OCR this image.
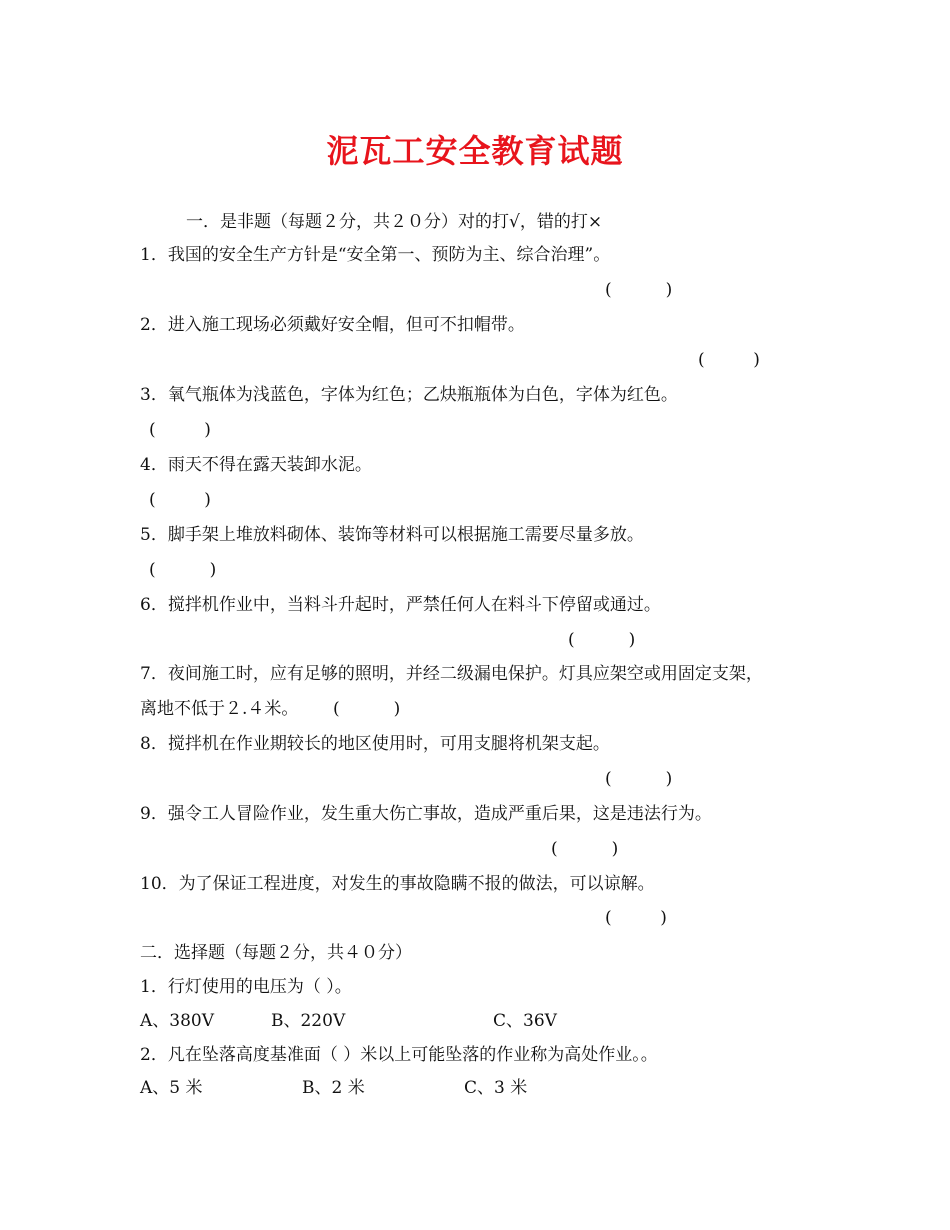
泥瓦工安全教育试题
一．是非题（每题２分，共２０分）对的打√，错的打×
1．我国的安全生产方针是“安全第一、预防为主、综合治理”。
(          )
2．进入施工现场必须戴好安全帽，但可不扣帽带。
(         )
3．氧气瓶体为浅蓝色，字体为红色；乙炔瓶瓶体为白色，字体为红色。
(         )
4．雨天不得在露天装卸水泥。
(         )
5．脚手架上堆放料砌体、装饰等材料可以根据施工需要尽量多放。
(          )
6．搅拌机作业中，当料斗升起时，严禁任何人在料斗下停留或通过。
(          )
7．夜间施工时，应有足够的照明，并经二级漏电保护。灯具应架空或用固定支架，
离地不低于２.４米。 (          )
8．搅拌机在作业期较长的地区使用时，可用支腿将机架支起。
(          )
9．强令工人冒险作业，发生重大伤亡事故，造成严重后果，这是违法行为。
(          )
10．为了保证工程进度，对发生的事故隐瞒不报的做法，可以谅解。
(         )
二．选择题（每题２分，共４０分）
1．行灯使用的电压为（ ）。
A、380V	B、220V	C、36V
2．凡在坠落高度基准面（ ）米以上可能坠落的作业称为高处作业。。
A、5 米	B、2 米	C、3 米
